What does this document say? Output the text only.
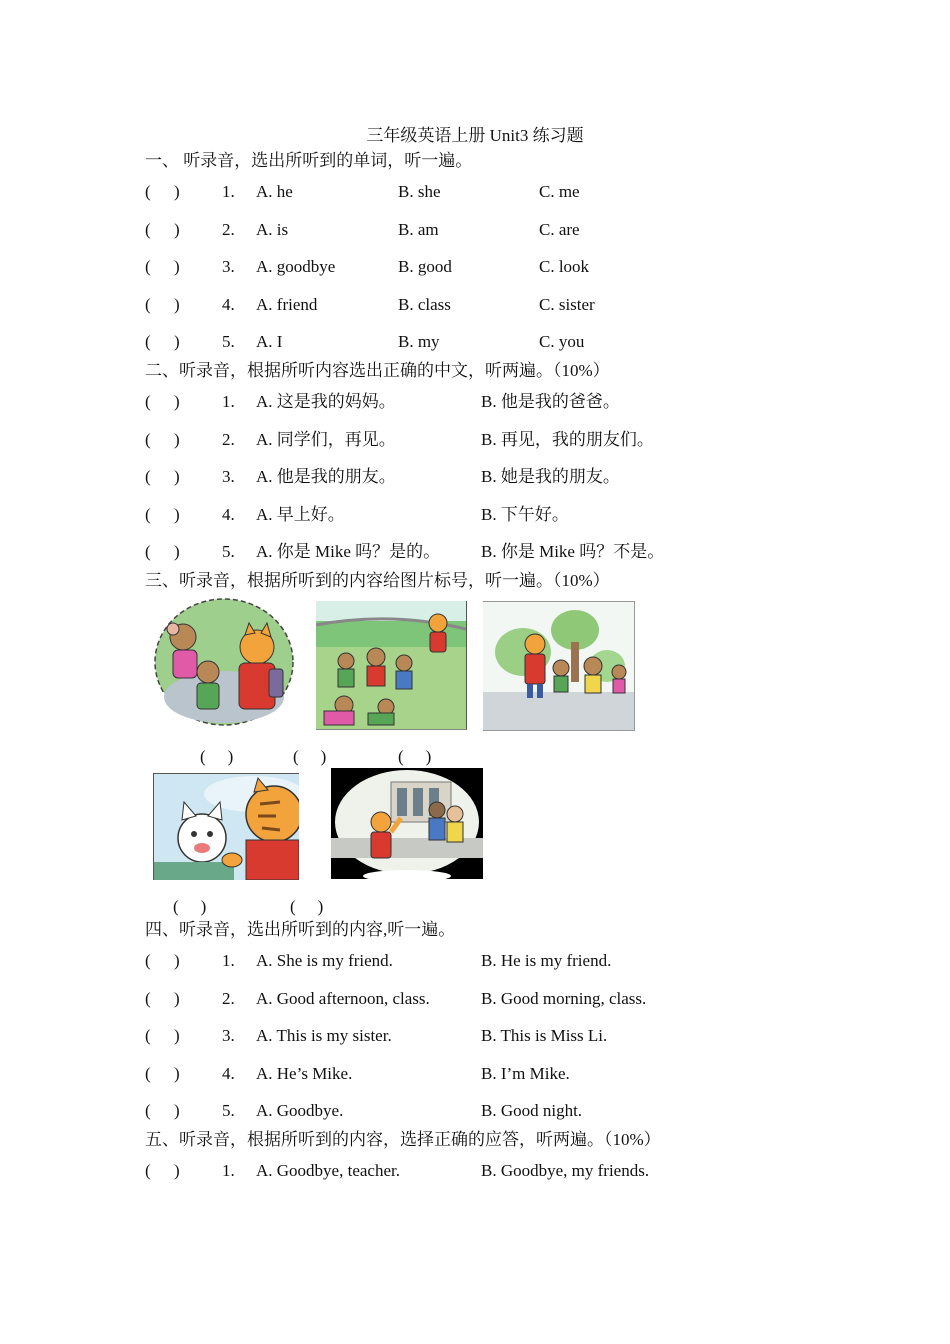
三年级英语上册 Unit3 练习题
一、 听录音，选出所听到的单词，听一遍。
( ) 1. A. he	B. she	C. me
( ) 2. A. is	B. am	C. are
( ) 3. A. goodbye	B. good	C. look
( ) 4. A. friend	B. class	C. sister
( ) 5. A. I	B. my	C. you
二、听录音，根据所听内容选出正确的中文，听两遍。（10%）
( ) 1. A. 这是我的妈妈。	B. 他是我的爸爸。
( ) 2. A. 同学们，再见。	B. 再见，我的朋友们。
( ) 3. A. 他是我的朋友。	B. 她是我的朋友。
( ) 4. A. 早上好。	B. 下午好。
( ) 5. A. 你是 Mike 吗？是的。 B. 你是 Mike 吗？不是。
三、听录音，根据所听到的内容给图片标号，听一遍。（10%）
( )	( )	( )
( )	( )
四、听录音，选出所听到的内容,听一遍。
( ) 1. A. She is my friend.	B. He is my friend.
( ) 2. A. Good afternoon, class.	B. Good morning, class.
( ) 3. A. This is my sister.	B. This is Miss Li.
( ) 4. A. He’s Mike.	B. I’m Mike.
( ) 5. A. Goodbye.	B. Good night.
五、听录音，根据所听到的内容，选择正确的应答，听两遍。（10%）
( ) 1. A. Goodbye, teacher.	B. Goodbye, my friends.
